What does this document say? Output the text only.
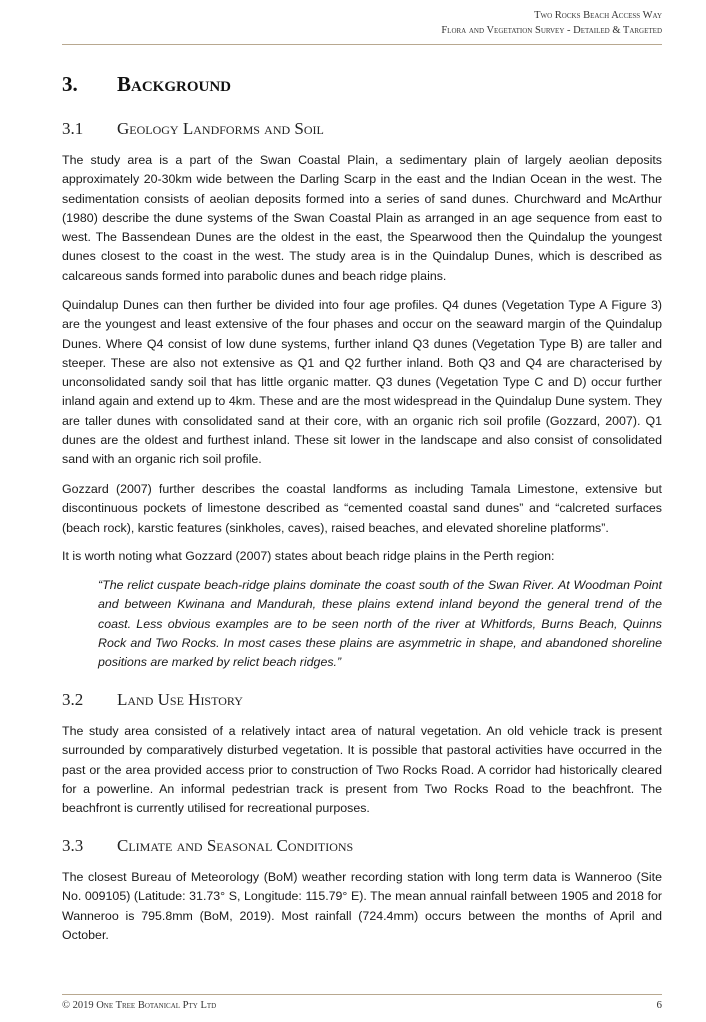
Two Rocks Beach Access Way
Flora and Vegetation Survey - Detailed & Targeted
3. Background
3.1 Geology Landforms and Soil

The study area is a part of the Swan Coastal Plain, a sedimentary plain of largely aeolian deposits approximately 20-30km wide between the Darling Scarp in the east and the Indian Ocean in the west. The sedimentation consists of aeolian deposits formed into a series of sand dunes. Churchward and McArthur (1980) describe the dune systems of the Swan Coastal Plain as arranged in an age sequence from east to west. The Bassendean Dunes are the oldest in the east, the Spearwood then the Quindalup the youngest dunes closest to the coast in the west. The study area is in the Quindalup Dunes, which is described as calcareous sands formed into parabolic dunes and beach ridge plains.

Quindalup Dunes can then further be divided into four age profiles. Q4 dunes (Vegetation Type A Figure 3) are the youngest and least extensive of the four phases and occur on the seaward margin of the Quindalup Dunes. Where Q4 consist of low dune systems, further inland Q3 dunes (Vegetation Type B) are taller and steeper. These are also not extensive as Q1 and Q2 further inland. Both Q3 and Q4 are characterised by unconsolidated sandy soil that has little organic matter. Q3 dunes (Vegetation Type C and D) occur further inland again and extend up to 4km. These and are the most widespread in the Quindalup Dune system. They are taller dunes with consolidated sand at their core, with an organic rich soil profile (Gozzard, 2007). Q1 dunes are the oldest and furthest inland. These sit lower in the landscape and also consist of consolidated sand with an organic rich soil profile.

Gozzard (2007) further describes the coastal landforms as including Tamala Limestone, extensive but discontinuous pockets of limestone described as “cemented coastal sand dunes” and “calcreted surfaces (beach rock), karstic features (sinkholes, caves), raised beaches, and elevated shoreline platforms”.

It is worth noting what Gozzard (2007) states about beach ridge plains in the Perth region:

“The relict cuspate beach-ridge plains dominate the coast south of the Swan River. At Woodman Point and between Kwinana and Mandurah, these plains extend inland beyond the general trend of the coast. Less obvious examples are to be seen north of the river at Whitfords, Burns Beach, Quinns Rock and Two Rocks. In most cases these plains are asymmetric in shape, and abandoned shoreline positions are marked by relict beach ridges.”

3.2 Land Use History

The study area consisted of a relatively intact area of natural vegetation. An old vehicle track is present surrounded by comparatively disturbed vegetation. It is possible that pastoral activities have occurred in the past or the area provided access prior to construction of Two Rocks Road. A corridor had historically cleared for a powerline. An informal pedestrian track is present from Two Rocks Road to the beachfront. The beachfront is currently utilised for recreational purposes.

3.3 Climate and Seasonal Conditions

The closest Bureau of Meteorology (BoM) weather recording station with long term data is Wanneroo (Site No. 009105) (Latitude: 31.73° S, Longitude: 115.79° E). The mean annual rainfall between 1905 and 2018 for Wanneroo is 795.8mm (BoM, 2019). Most rainfall (724.4mm) occurs between the months of April and October.

© 2019 One Tree Botanical Pty Ltd	6
